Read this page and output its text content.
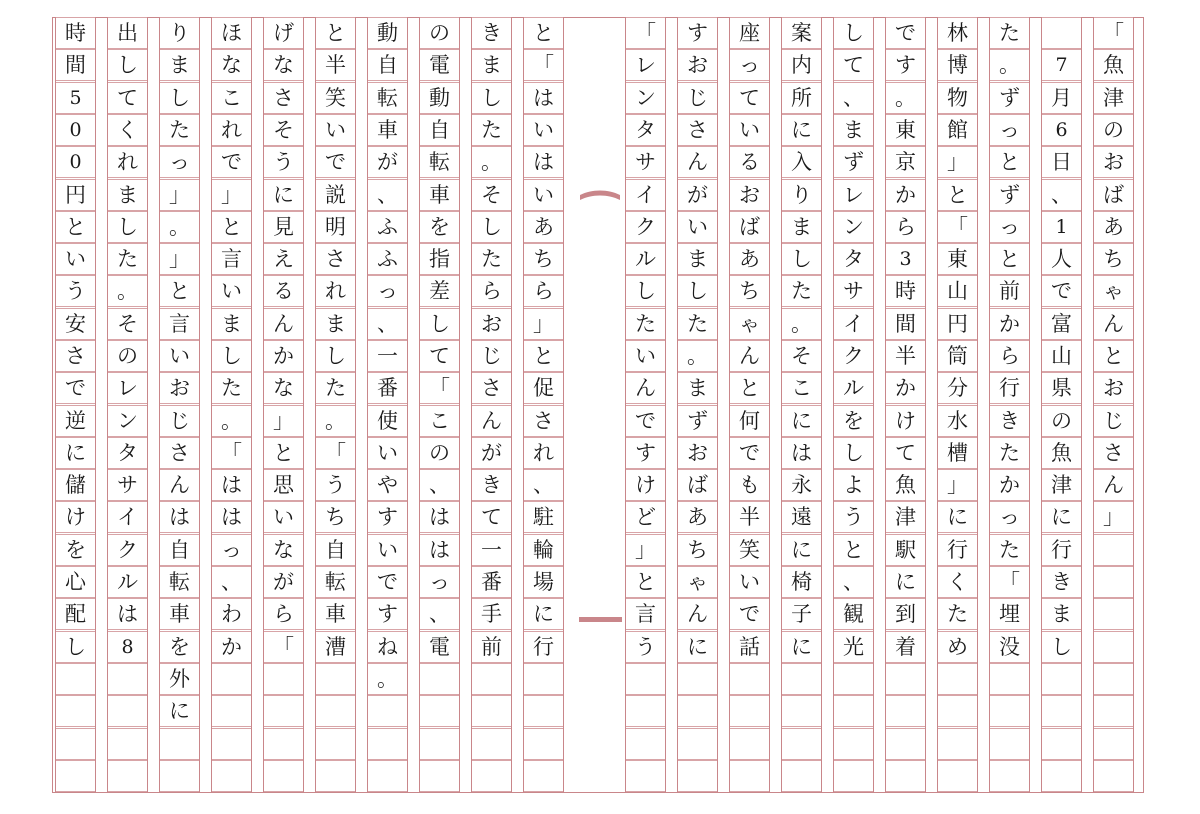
「
魚
津
の
お
ば
あ
ち
ゃ
ん
と
お
じ
さ
ん
」
7
月
6
日
、
1
人
で
富
山
県
の
魚
津
に
行
き
ま
し
た
。
ず
っ
と
ず
っ
と
前
か
ら
行
き
た
か
っ
た
「
埋
没
林
博
物
館
」
と
「
東
山
円
筒
分
水
槽
」
に
行
く
た
め
で
す
。
東
京
か
ら
3
時
間
半
か
け
て
魚
津
駅
に
到
着
し
て
、
ま
ず
レ
ン
タ
サ
イ
ク
ル
を
し
よ
う
と
、
観
光
案
内
所
に
入
り
ま
し
た
。
そ
こ
に
は
永
遠
に
椅
子
に
座
っ
て
い
る
お
ば
あ
ち
ゃ
ん
と
何
で
も
半
笑
い
で
話
す
お
じ
さ
ん
が
い
ま
し
た
。
ま
ず
お
ば
あ
ち
ゃ
ん
に
「
レ
ン
タ
サ
イ
ク
ル
し
た
い
ん
で
す
け
ど
」
と
言
う
と
「
は
い
は
い
あ
ち
ら
」
と
促
さ
れ
、
駐
輪
場
に
行
き
ま
し
た
。
そ
し
た
ら
お
じ
さ
ん
が
き
て
一
番
手
前
の
電
動
自
転
車
を
指
差
し
て
「
こ
の
、
は
は
っ
、
電
動
自
転
車
が
、
ふ
ふ
っ
、
一
番
使
い
や
す
い
で
す
ね
。
と
半
笑
い
で
説
明
さ
れ
ま
し
た
。
「
う
ち
自
転
車
漕
げ
な
さ
そ
う
に
見
え
る
ん
か
な
」
と
思
い
な
が
ら
「
ほ
な
こ
れ
で
」
と
言
い
ま
し
た
。
「
は
は
っ
、
わ
か
り
ま
し
た
っ
」
。
」
と
言
い
お
じ
さ
ん
は
自
転
車
を
外
に
出
し
て
く
れ
ま
し
た
。
そ
の
レ
ン
タ
サ
イ
ク
ル
は
8
時
間
5
0
0
円
と
い
う
安
さ
で
逆
に
儲
け
を
心
配
し
